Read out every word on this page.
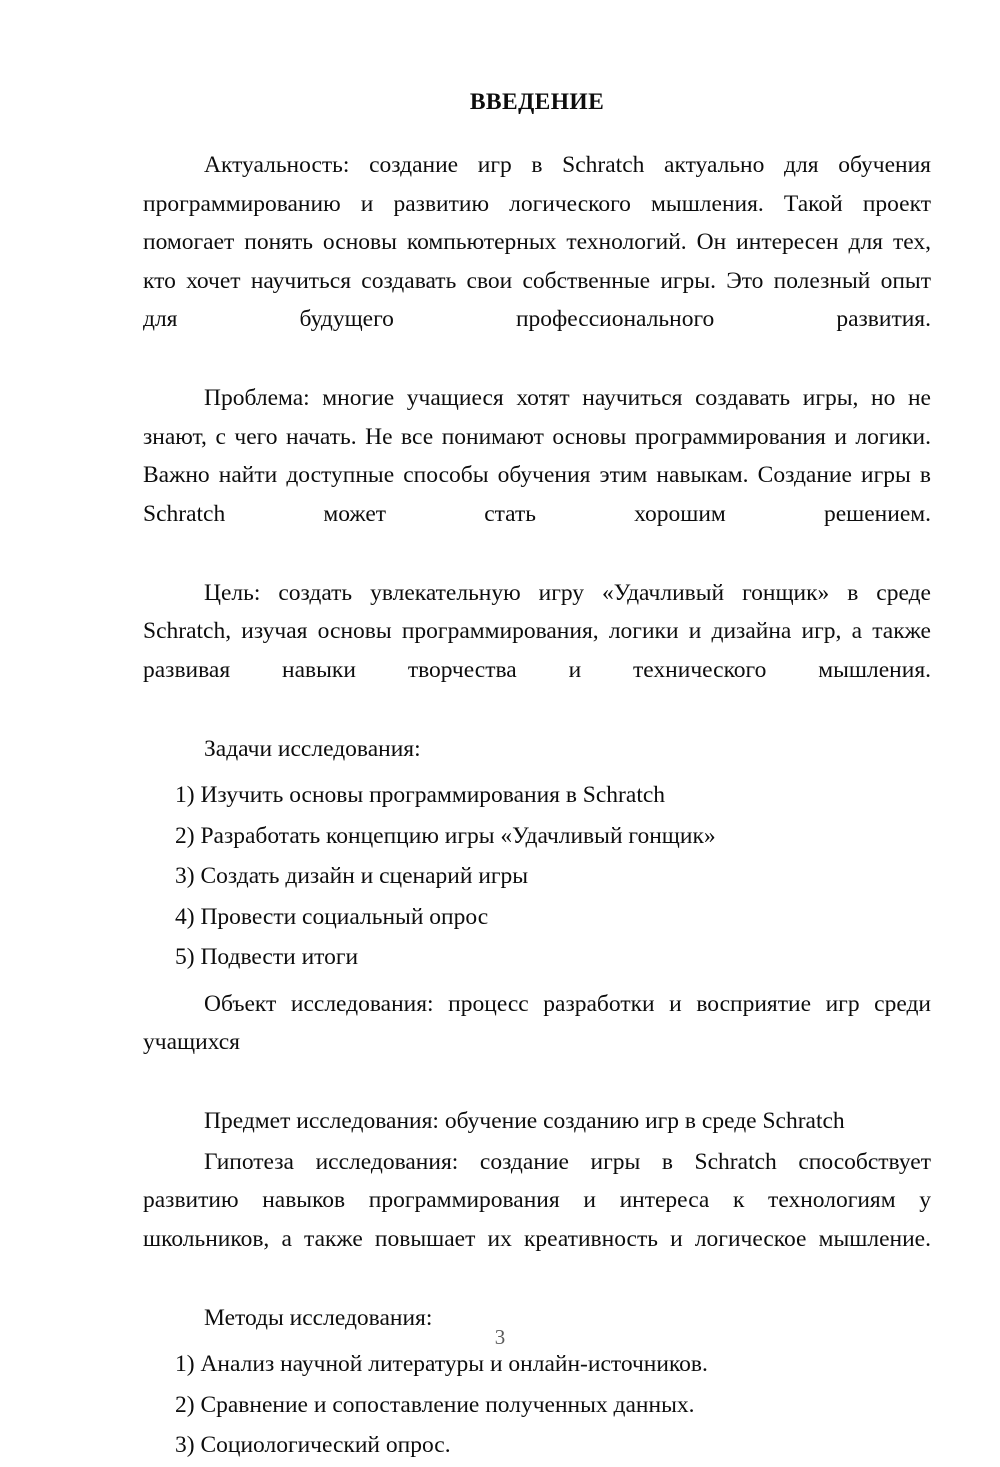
ВВЕДЕНИЕ

Актуальность: создание игр в Schratch актуально для обучения программированию и развитию логического мышления. Такой проект помогает понять основы компьютерных технологий. Он интересен для тех, кто хочет научиться создавать свои собственные игры. Это полезный опыт для будущего профессионального развития.

Проблема: многие учащиеся хотят научиться создавать игры, но не знают, с чего начать. Не все понимают основы программирования и логики. Важно найти доступные способы обучения этим навыкам. Создание игры в Schratch может стать хорошим решением.

Цель: создать увлекательную игру «Удачливый гонщик» в среде Schratch, изучая основы программирования, логики и дизайна игр, а также развивая навыки творчества и технического мышления.

Задачи исследования:

1) Изучить основы программирования в Schratch

2) Разработать концепцию игры «Удачливый гонщик»

3) Создать дизайн и сценарий игры

4) Провести социальный опрос

5) Подвести итоги

Объект исследования: процесс разработки и восприятие игр среди учащихся

Предмет исследования: обучение созданию игр в среде Schratch

Гипотеза исследования: создание игры в Schratch способствует развитию навыков программирования и интереса к технологиям у школьников, а также повышает их креативность и логическое мышление.

Методы исследования:

1) Анализ научной литературы и онлайн-источников.

2) Сравнение и сопоставление полученных данных.

3) Социологический опрос.

3
